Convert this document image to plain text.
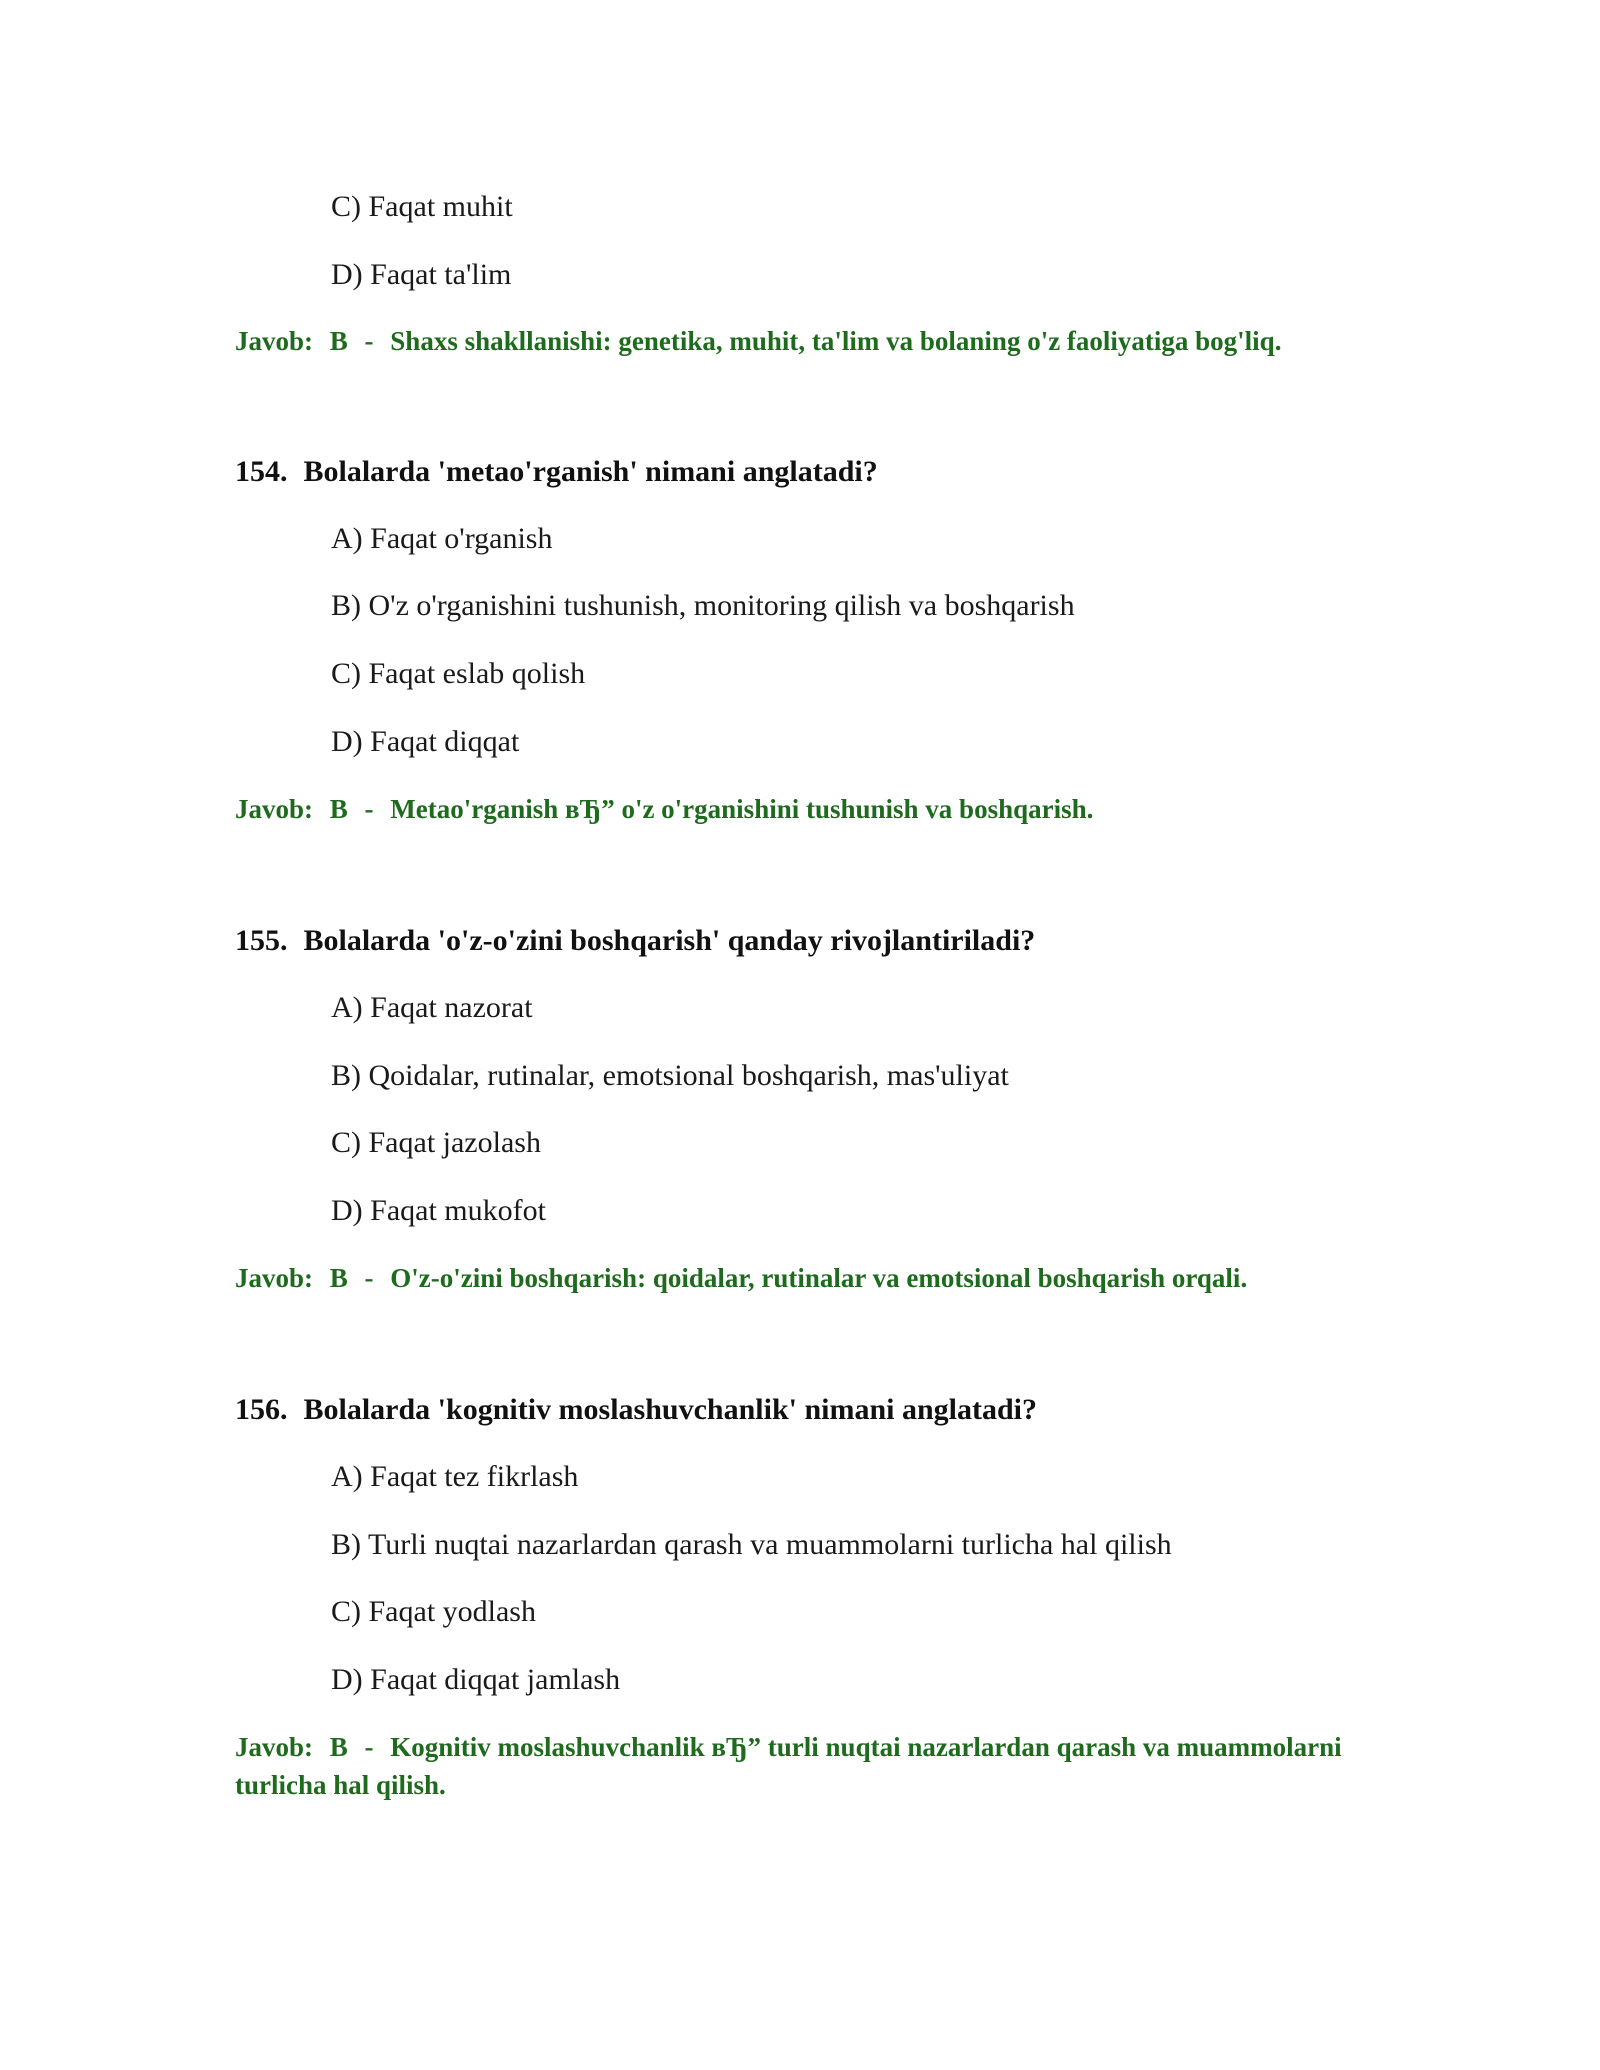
C) Faqat muhit
D) Faqat ta'lim
Javob: B - Shaxs shakllanishi: genetika, muhit, ta'lim va bolaning o'z faoliyatiga bog'liq.
154. Bolalarda 'metao'rganish' nimani anglatadi?
A) Faqat o'rganish
B) O'z o'rganishini tushunish, monitoring qilish va boshqarish
C) Faqat eslab qolish
D) Faqat diqqat
Javob: B - Metao'rganish вЂ” o'z o'rganishini tushunish va boshqarish.
155. Bolalarda 'o'z-o'zini boshqarish' qanday rivojlantiriladi?
A) Faqat nazorat
B) Qoidalar, rutinalar, emotsional boshqarish, mas'uliyat
C) Faqat jazolash
D) Faqat mukofot
Javob: B - O'z-o'zini boshqarish: qoidalar, rutinalar va emotsional boshqarish orqali.
156. Bolalarda 'kognitiv moslashuvchanlik' nimani anglatadi?
A) Faqat tez fikrlash
B) Turli nuqtai nazarlardan qarash va muammolarni turlicha hal qilish
C) Faqat yodlash
D) Faqat diqqat jamlash
Javob: B - Kognitiv moslashuvchanlik вЂ” turli nuqtai nazarlardan qarash va muammolarni turlicha hal qilish.
